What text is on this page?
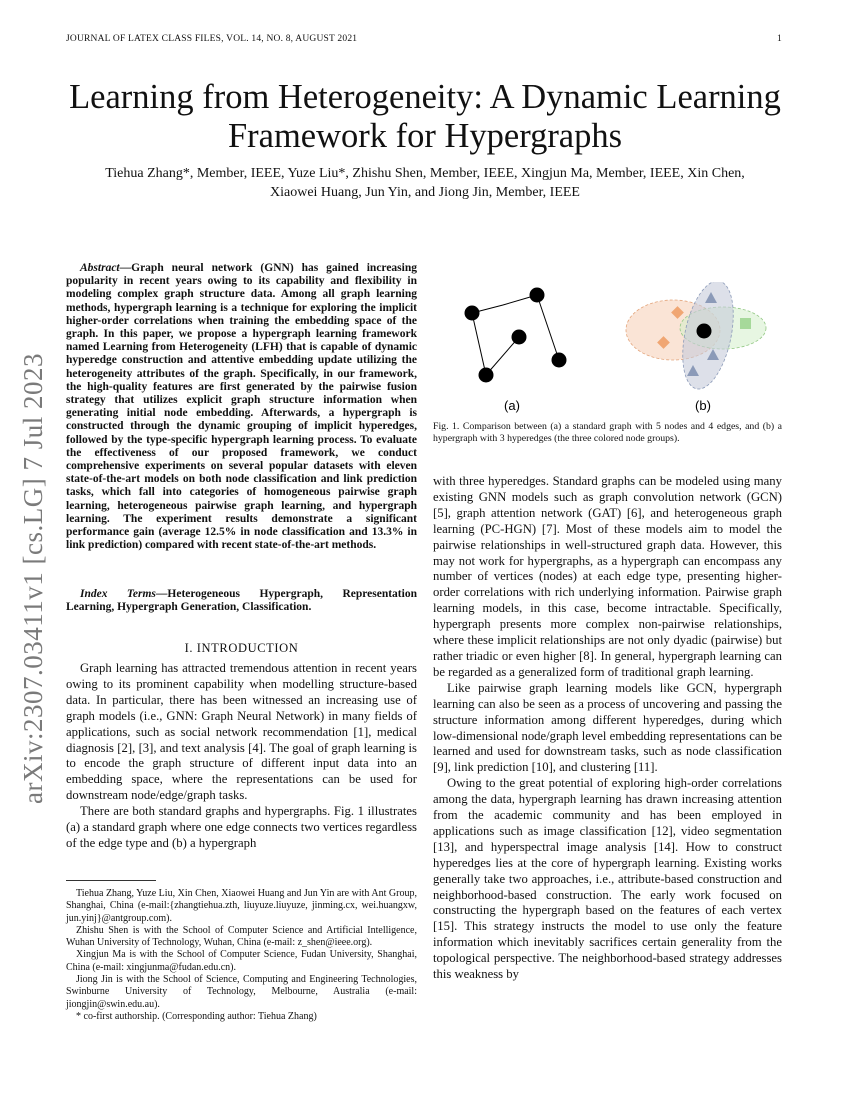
JOURNAL OF LATEX CLASS FILES, VOL. 14, NO. 8, AUGUST 2021	1
arXiv:2307.03411v1 [cs.LG] 7 Jul 2023
Learning from Heterogeneity: A Dynamic Learning Framework for Hypergraphs
Tiehua Zhang*, Member, IEEE, Yuze Liu*, Zhishu Shen, Member, IEEE, Xingjun Ma, Member, IEEE, Xin Chen,
Xiaowei Huang, Jun Yin, and Jiong Jin, Member, IEEE
Abstract—Graph neural network (GNN) has gained increasing popularity in recent years owing to its capability and flexibility in modeling complex graph structure data. Among all graph learning methods, hypergraph learning is a technique for exploring the implicit higher-order correlations when training the embedding space of the graph. In this paper, we propose a hypergraph learning framework named Learning from Heterogeneity (LFH) that is capable of dynamic hyperedge construction and attentive embedding update utilizing the heterogeneity attributes of the graph. Specifically, in our framework, the high-quality features are first generated by the pairwise fusion strategy that utilizes explicit graph structure information when generating initial node embedding. Afterwards, a hypergraph is constructed through the dynamic grouping of implicit hyperedges, followed by the type-specific hypergraph learning process. To evaluate the effectiveness of our proposed framework, we conduct comprehensive experiments on several popular datasets with eleven state-of-the-art models on both node classification and link prediction tasks, which fall into categories of homogeneous pairwise graph learning, heterogeneous pairwise graph learning, and hypergraph learning. The experiment results demonstrate a significant performance gain (average 12.5% in node classification and 13.3% in link prediction) compared with recent state-of-the-art methods.
Index Terms—Heterogeneous Hypergraph, Representation Learning, Hypergraph Generation, Classification.
I. INTRODUCTION

Graph learning has attracted tremendous attention in recent years owing to its prominent capability when modelling structure-based data. In particular, there has been witnessed an increasing use of graph models (i.e., GNN: Graph Neural Network) in many fields of applications, such as social network recommendation [1], medical diagnosis [2], [3], and text analysis [4]. The goal of graph learning is to encode the graph structure of different input data into an embedding space, where the representations can be used for downstream node/edge/graph tasks.

There are both standard graphs and hypergraphs. Fig. 1 illustrates (a) a standard graph where one edge connects two vertices regardless of the edge type and (b) a hypergraph

Tiehua Zhang, Yuze Liu, Xin Chen, Xiaowei Huang and Jun Yin are with Ant Group, Shanghai, China (e-mail:{zhangtiehua.zth, liuyuze.liuyuze, jinming.cx, wei.huangxw, jun.yinj}@antgroup.com).

Zhishu Shen is with the School of Computer Science and Artificial Intelligence, Wuhan University of Technology, Wuhan, China (e-mail: z_shen@ieee.org).

Xingjun Ma is with the School of Computer Science, Fudan University, Shanghai, China (e-mail: xingjunma@fudan.edu.cn).

Jiong Jin is with the School of Science, Computing and Engineering Technologies, Swinburne University of Technology, Melbourne, Australia (e-mail: jiongjin@swin.edu.au).

* co-first authorship. (Corresponding author: Tiehua Zhang)

(a)	(b)
Fig. 1. Comparison between (a) a standard graph with 5 nodes and 4 edges, and (b) a hypergraph with 3 hyperedges (the three colored node groups).

with three hyperedges. Standard graphs can be modeled using many existing GNN models such as graph convolution network (GCN) [5], graph attention network (GAT) [6], and heterogeneous graph learning (PC-HGN) [7]. Most of these models aim to model the pairwise relationships in well-structured graph data. However, this may not work for hypergraphs, as a hypergraph can encompass any number of vertices (nodes) at each edge type, presenting higher-order correlations with rich underlying information. Pairwise graph learning models, in this case, become intractable. Specifically, hypergraph presents more complex non-pairwise relationships, where these implicit relationships are not only dyadic (pairwise) but rather triadic or even higher [8]. In general, hypergraph learning can be regarded as a generalized form of traditional graph learning.

Like pairwise graph learning models like GCN, hypergraph learning can also be seen as a process of uncovering and passing the structure information among different hyperedges, during which low-dimensional node/graph level embedding representations can be learned and used for downstream tasks, such as node classification [9], link prediction [10], and clustering [11].

Owing to the great potential of exploring high-order correlations among the data, hypergraph learning has drawn increasing attention from the academic community and has been employed in applications such as image classification [12], video segmentation [13], and hyperspectral image analysis [14]. How to construct hyperedges lies at the core of hypergraph learning. Existing works generally take two approaches, i.e., attribute-based construction and neighborhood-based construction. The early work focused on constructing the hypergraph based on the features of each vertex [15]. This strategy instructs the model to use only the feature information which inevitably sacrifices certain generality from the topological perspective. The neighborhood-based strategy addresses this weakness by
